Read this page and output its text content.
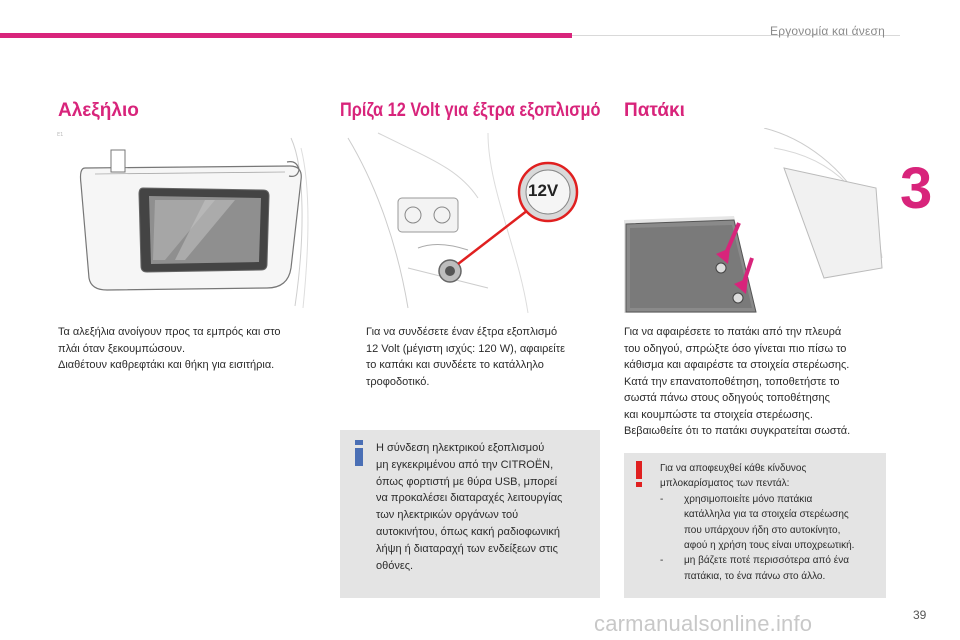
Εργονομία και άνεση
3
Αλεξήλιο
E1
Τα αλεξήλια ανοίγουν προς τα εμπρός και στο
πλάι όταν ξεκουμπώσουν.
Διαθέτουν καθρεφτάκι και θήκη για εισιτήρια.
Πρίζα 12 Volt για έξτρα εξοπλισμό
12V
Για να συνδέσετε έναν έξτρα εξοπλισμό
12 Volt (μέγιστη ισχύς: 120 W), αφαιρείτε
το καπάκι και συνδέετε το κατάλληλο
τροφοδοτικό.
Η σύνδεση ηλεκτρικού εξοπλισμού
μη εγκεκριμένου από την CITROËN,
όπως φορτιστή με θύρα USB, μπορεί
να προκαλέσει διαταραχές λειτουργίας
των ηλεκτρικών οργάνων τού
αυτοκινήτου, όπως κακή ραδιοφωνική
λήψη ή διαταραχή των ενδείξεων στις
οθόνες.
Πατάκι
Για να αφαιρέσετε το πατάκι από την πλευρά
του οδηγού, σπρώξτε όσο γίνεται πιο πίσω το
κάθισμα και αφαιρέστε τα στοιχεία στερέωσης.
Κατά την επανατοποθέτηση, τοποθετήστε το
σωστά πάνω στους οδηγούς τοποθέτησης
και κουμπώστε τα στοιχεία στερέωσης.
Βεβαιωθείτε ότι το πατάκι συγκρατείται σωστά.
Για να αποφευχθεί κάθε κίνδυνος
μπλοκαρίσματος των πεντάλ:
- χρησιμοποιείτε μόνο πατάκια
κατάλληλα για τα στοιχεία στερέωσης
που υπάρχουν ήδη στο αυτοκίνητο,
αφού η χρήση τους είναι υποχρεωτική.
- μη βάζετε ποτέ περισσότερα από ένα
πατάκια, το ένα πάνω στο άλλο.
carmanualsonline.info	39
